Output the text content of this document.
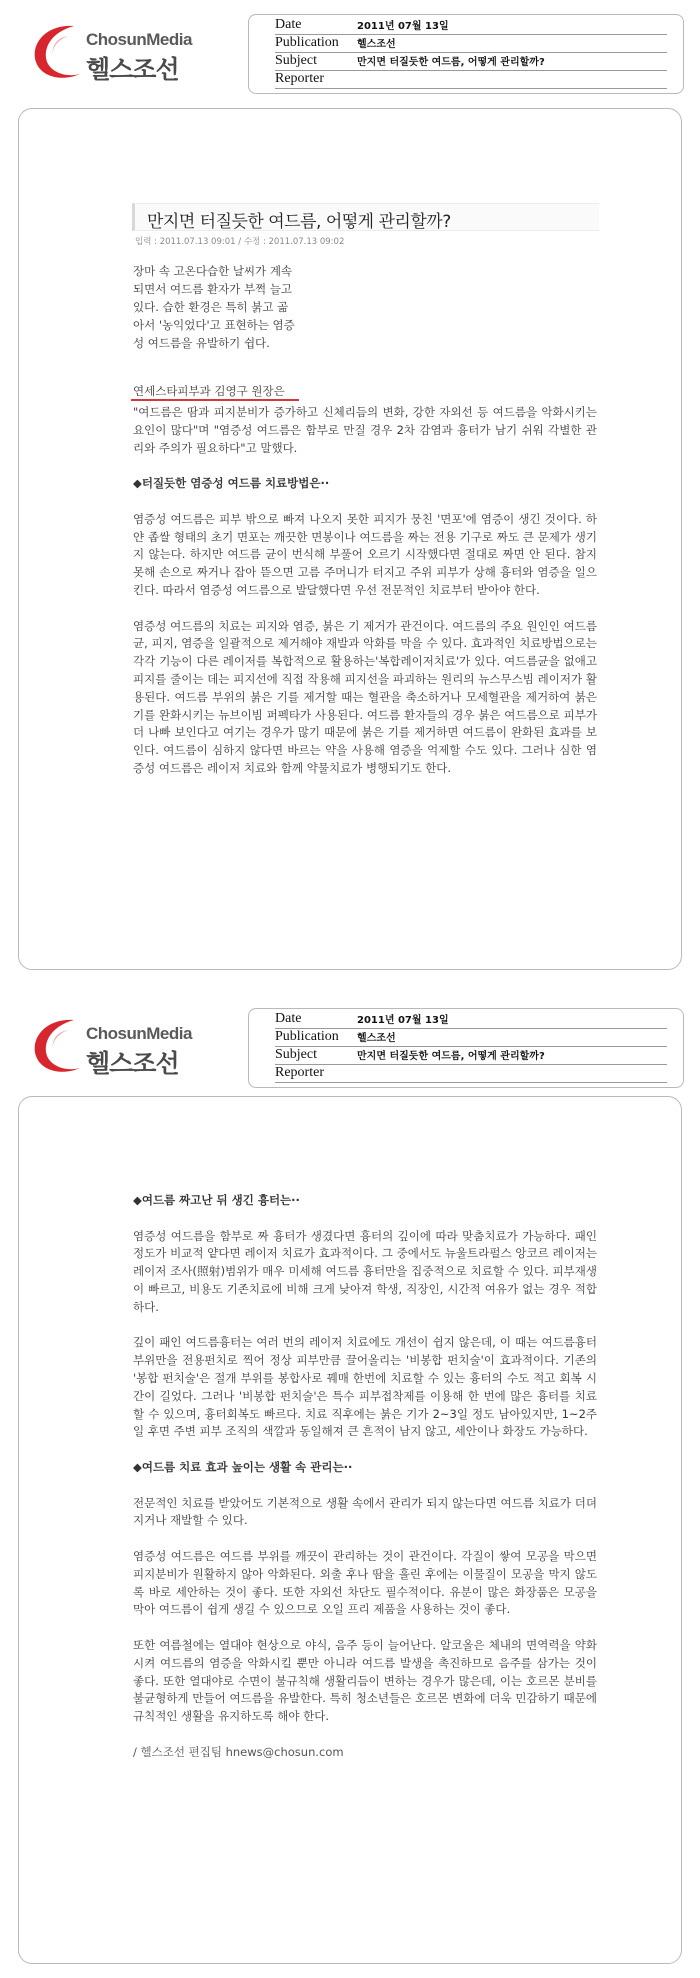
ChosunMedia
헬스조선
Date	2011년 07월 13일
Publication 헬스조선
Subject	만지면 터질듯한 여드름, 어떻게 관리할까?
Reporter
만지면 터질듯한 여드름, 어떻게 관리할까?
입력 : 2011.07.13 09:01 / 수정 : 2011.07.13 09:02

장마 속 고온다습한 날씨가 계속

되면서 여드름 환자가 부쩍 늘고

있다. 습한 환경은 특히 붉고 곪

아서 '농익었다'고 표현하는 염증

성 여드름을 유발하기 쉽다.

연세스타피부과 김영구 원장은

"여드름은 땀과 피지분비가 증가하고 신체리듬의 변화, 강한 자외선 등 여드름을 악화시키는 요인이 많다"며 "염증성 여드름은 함부로 만질 경우 2차 감염과 흉터가 남기 쉬워 각별한 관리와 주의가 필요하다"고 말했다.

◆터질듯한 염증성 여드름 치료방법은··

염증성 여드름은 피부 밖으로 빠져 나오지 못한 피지가 뭉친 '면포'에 염증이 생긴 것이다. 하얀 좁쌀 형태의 초기 면포는 깨끗한 면봉이나 여드름을 짜는 전용 기구로 짜도 큰 문제가 생기지 않는다. 하지만 여드름 균이 번식해 부풀어 오르기 시작했다면 절대로 짜면 안 된다. 참지 못해 손으로 짜거나 잡아 뜯으면 고름 주머니가 터지고 주위 피부가 상해 흉터와 염증을 일으킨다. 따라서 염증성 여드름으로 발달했다면 우선 전문적인 치료부터 받아야 한다.

염증성 여드름의 치료는 피지와 염증, 붉은 기 제거가 관건이다. 여드름의 주요 원인인 여드름균, 피지, 염증을 일괄적으로 제거해야 재발과 악화를 막을 수 있다. 효과적인 치료방법으로는 각각 기능이 다른 레이저를 복합적으로 활용하는'복합레이저치료'가 있다. 여드름균을 없애고 피지를 줄이는 데는 피지선에 직접 작용해 피지선을 파괴하는 원리의 뉴스무스빔 레이저가 활용된다. 여드름 부위의 붉은 기를 제거할 때는 혈관을 축소하거나 모세혈관을 제거하여 붉은 기를 완화시키는 뉴브이빔 퍼펙타가 사용된다. 여드름 환자들의 경우 붉은 여드름으로 피부가 더 나빠 보인다고 여기는 경우가 많기 때문에 붉은 기를 제거하면 여드름이 완화된 효과를 보인다. 여드름이 심하지 않다면 바르는 약을 사용해 염증을 억제할 수도 있다. 그러나 심한 염증성 여드름은 레이저 치료와 함께 약물치료가 병행되기도 한다.

ChosunMedia
헬스조선
Date	2011년 07월 13일
Publication 헬스조선
Subject	만지면 터질듯한 여드름, 어떻게 관리할까?
Reporter

◆여드름 짜고난 뒤 생긴 흉터는··

염증성 여드름을 함부로 짜 흉터가 생겼다면 흉터의 깊이에 따라 맞춤치료가 가능하다. 패인 정도가 비교적 얕다면 레이저 치료가 효과적이다. 그 중에서도 뉴울트라펄스 앙코르 레이저는 레이저 조사(照射)범위가 매우 미세해 여드름 흉터만을 집중적으로 치료할 수 있다. 피부재생이 빠르고, 비용도 기존치료에 비해 크게 낮아져 학생, 직장인, 시간적 여유가 없는 경우 적합하다.

깊이 패인 여드름흉터는 여러 번의 레이저 치료에도 개선이 쉽지 않은데, 이 때는 여드름흉터 부위만을 전용펀치로 찍어 정상 피부만큼 끌어올리는 '비봉합 펀치술'이 효과적이다. 기존의 '봉합 펀치술'은 절개 부위를 봉합사로 꿰매 한번에 치료할 수 있는 흉터의 수도 적고 회복 시간이 길었다. 그러나 '비봉합 펀치술'은 특수 피부접착제를 이용해 한 번에 많은 흉터를 치료 할 수 있으며, 흉터회복도 빠르다. 치료 직후에는 붉은 기가 2~3일 정도 남아있지만, 1~2주일 후면 주변 피부 조직의 색깔과 동일해져 큰 흔적이 남지 않고, 세안이나 화장도 가능하다.

◆여드름 치료 효과 높이는 생활 속 관리는··

전문적인 치료를 받았어도 기본적으로 생활 속에서 관리가 되지 않는다면 여드름 치료가 더뎌지거나 재발할 수 있다.

염증성 여드름은 여드름 부위를 깨끗이 관리하는 것이 관건이다. 각질이 쌓여 모공을 막으면 피지분비가 원활하지 않아 악화된다. 외출 후나 땀을 흘린 후에는 이물질이 모공을 막지 않도록 바로 세안하는 것이 좋다. 또한 자외선 차단도 필수적이다. 유분이 많은 화장품은 모공을 막아 여드름이 쉽게 생길 수 있으므로 오일 프리 제품을 사용하는 것이 좋다.

또한 여름철에는 열대야 현상으로 야식, 음주 등이 늘어난다. 알코올은 체내의 면역력을 약화 시켜 여드름의 염증을 악화시킬 뿐만 아니라 여드름 발생을 촉진하므로 음주를 삼가는 것이 좋다. 또한 열대야로 수면이 불규칙해 생활리듬이 변하는 경우가 많은데, 이는 호르몬 분비를 불균형하게 만들어 여드름을 유발한다. 특히 청소년들은 호르몬 변화에 더욱 민감하기 때문에 규칙적인 생활을 유지하도록 해야 한다.

/ 헬스조선 편집팀 hnews@chosun.com
